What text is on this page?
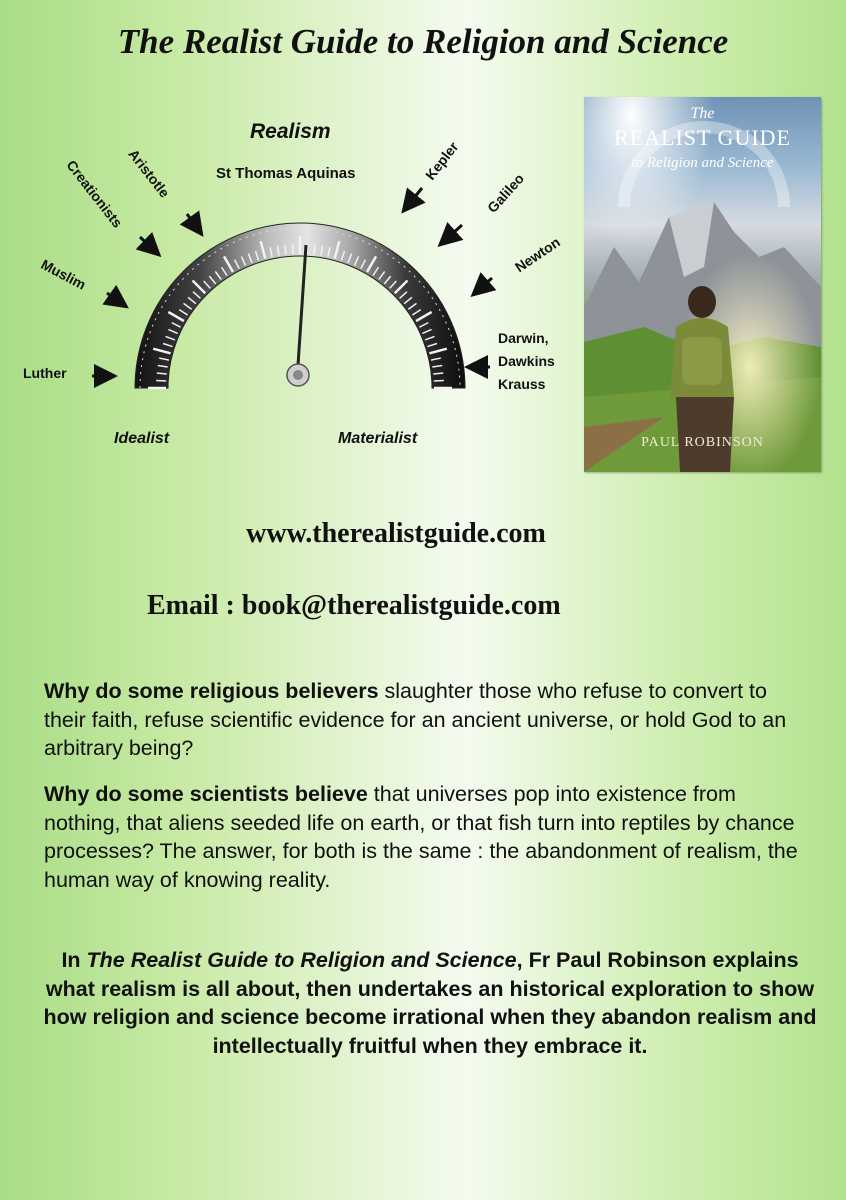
The Realist Guide to Religion and Science
Realism
St Thomas Aquinas
Idealist	Materialist
Luther
Muslim
Creationists Aristotle	Kepler
Galileo
Newton
Darwin,
Dawkins
Krauss
The
REALIST GUIDE
to Religion and Science
PAUL ROBINSON
www.therealistguide.com
Email : book@therealistguide.com
Why do some religious believers slaughter those who refuse to convert to their faith, refuse scientific evidence for an ancient universe, or hold God to an arbitrary being?
Why do some scientists believe that universes pop into existence from nothing, that aliens seeded life on earth, or that fish turn into reptiles by chance processes? The answer, for both is the same : the abandonment of realism, the human way of knowing reality.
In The Realist Guide to Religion and Science, Fr Paul Robinson explains what realism is all about, then undertakes an historical exploration to show how religion and science become irrational when they abandon realism and intellectually fruitful when they embrace it.
